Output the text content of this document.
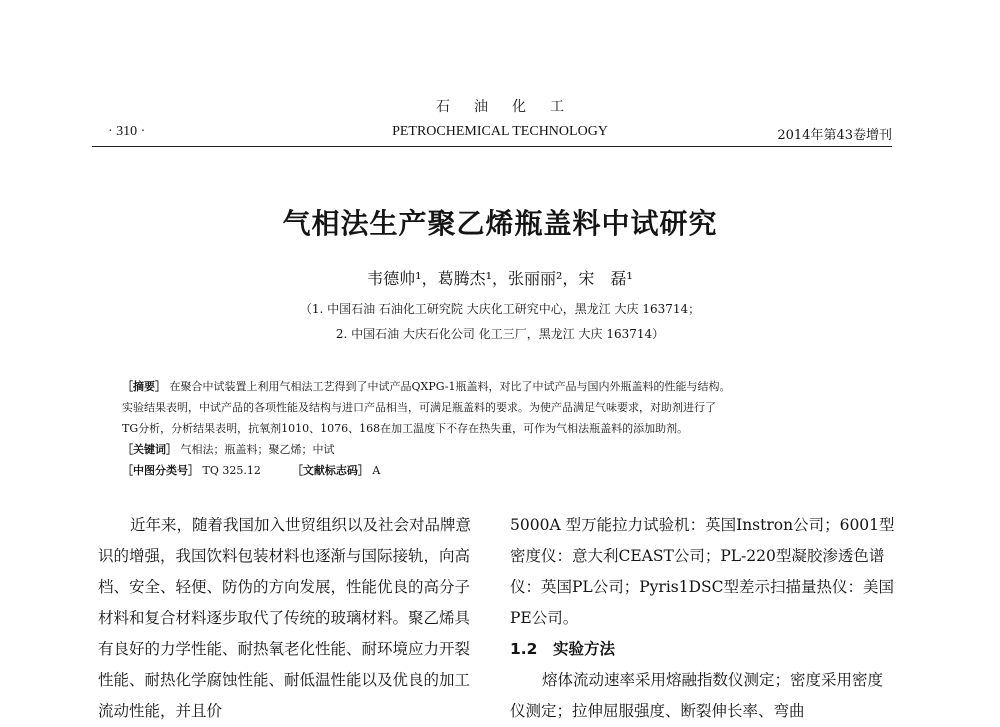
石油化工
· 310 ·	PETROCHEMICAL TECHNOLOGY	2014年第43卷增刊
气相法生产聚乙烯瓶盖料中试研究
韦德帅¹，葛腾杰¹，张丽丽²，宋　磊¹
（1. 中国石油 石油化工研究院 大庆化工研究中心，黑龙江 大庆 163714；
2. 中国石油 大庆石化公司 化工三厂，黑龙江 大庆 163714）
［摘要］ 在聚合中试装置上利用气相法工艺得到了中试产品QXPG-1瓶盖料，对比了中试产品与国内外瓶盖料的性能与结构。
实验结果表明，中试产品的各项性能及结构与进口产品相当，可满足瓶盖料的要求。为使产品满足气味要求，对助剂进行了
TG分析，分析结果表明，抗氧剂1010、1076、168在加工温度下不存在热失重，可作为气相法瓶盖料的添加助剂。
［关键词］ 气相法；瓶盖料；聚乙烯；中试
［中图分类号］ TQ 325.12	［文献标志码］ A

近年来，随着我国加入世贸组织以及社会对品牌意识的增强，我国饮料包装材料也逐渐与国际接轨，向高档、安全、轻便、防伪的方向发展，性能优良的高分子材料和复合材料逐步取代了传统的玻璃材料。聚乙烯具有良好的力学性能、耐热氧老化性能、耐环境应力开裂性能、耐热化学腐蚀性能、耐低温性能以及优良的加工流动性能，并且价

5000A 型万能拉力试验机：英国Instron公司；6001型密度仪：意大利CEAST公司；PL-220型凝胶渗透色谱仪：英国PL公司；Pyris1DSC型差示扫描量热仪：美国PE公司。

1.2　实验方法

熔体流动速率采用熔融指数仪测定；密度采用密度仪测定；拉伸屈服强度、断裂伸长率、弯曲
